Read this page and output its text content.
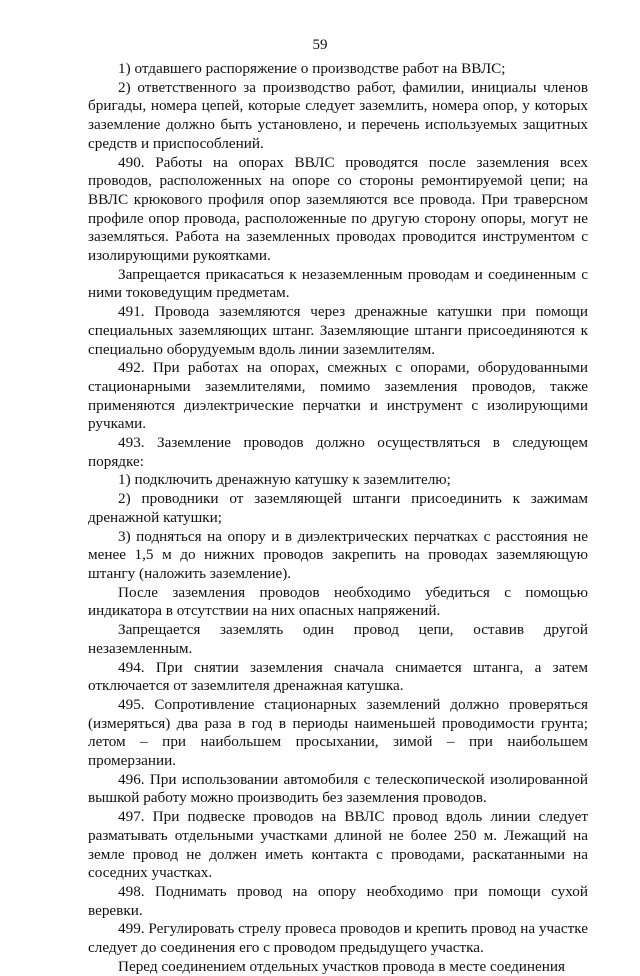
59

1) отдавшего распоряжение о производстве работ на ВВЛС;

2) ответственного за производство работ, фамилии, инициалы членов бригады, номера цепей, которые следует заземлить, номера опор, у которых заземление должно быть установлено, и перечень используемых защитных средств и приспособлений.

490. Работы на опорах ВВЛС проводятся после заземления всех проводов, расположенных на опоре со стороны ремонтируемой цепи; на ВВЛС крюкового профиля опор заземляются все провода. При траверсном профиле опор провода, расположенные по другую сторону опоры, могут не заземляться. Работа на заземленных проводах проводится инструментом с изолирующими рукоятками.

Запрещается прикасаться к незаземленным проводам и соединенным с ними токоведущим предметам.

491. Провода заземляются через дренажные катушки при помощи специальных заземляющих штанг. Заземляющие штанги присоединяются к специально оборудуемым вдоль линии заземлителям.

492. При работах на опорах, смежных с опорами, оборудованными стационарными заземлителями, помимо заземления проводов, также применяются диэлектрические перчатки и инструмент с изолирующими ручками.

493. Заземление проводов должно осуществляться в следующем порядке:

1) подключить дренажную катушку к заземлителю;

2) проводники от заземляющей штанги присоединить к зажимам дренажной катушки;

3) подняться на опору и в диэлектрических перчатках с расстояния не менее 1,5 м до нижних проводов закрепить на проводах заземляющую штангу (наложить заземление).

После заземления проводов необходимо убедиться с помощью индикатора в отсутствии на них опасных напряжений.

Запрещается заземлять один провод цепи, оставив другой незаземленным.

494. При снятии заземления сначала снимается штанга, а затем отключается от заземлителя дренажная катушка.

495. Сопротивление стационарных заземлений должно проверяться (измеряться) два раза в год в периоды наименьшей проводимости грунта; летом – при наибольшем просыхании, зимой – при наибольшем промерзании.

496. При использовании автомобиля с телескопической изолированной вышкой работу можно производить без заземления проводов.

497. При подвеске проводов на ВВЛС провод вдоль линии следует разматывать отдельными участками длиной не более 250 м. Лежащий на земле провод не должен иметь контакта с проводами, раскатанными на соседних участках.

498. Поднимать провод на опору необходимо при помощи сухой веревки.

499. Регулировать стрелу провеса проводов и крепить провод на участке следует до соединения его с проводом предыдущего участка.

Перед соединением отдельных участков провода в месте соединения
